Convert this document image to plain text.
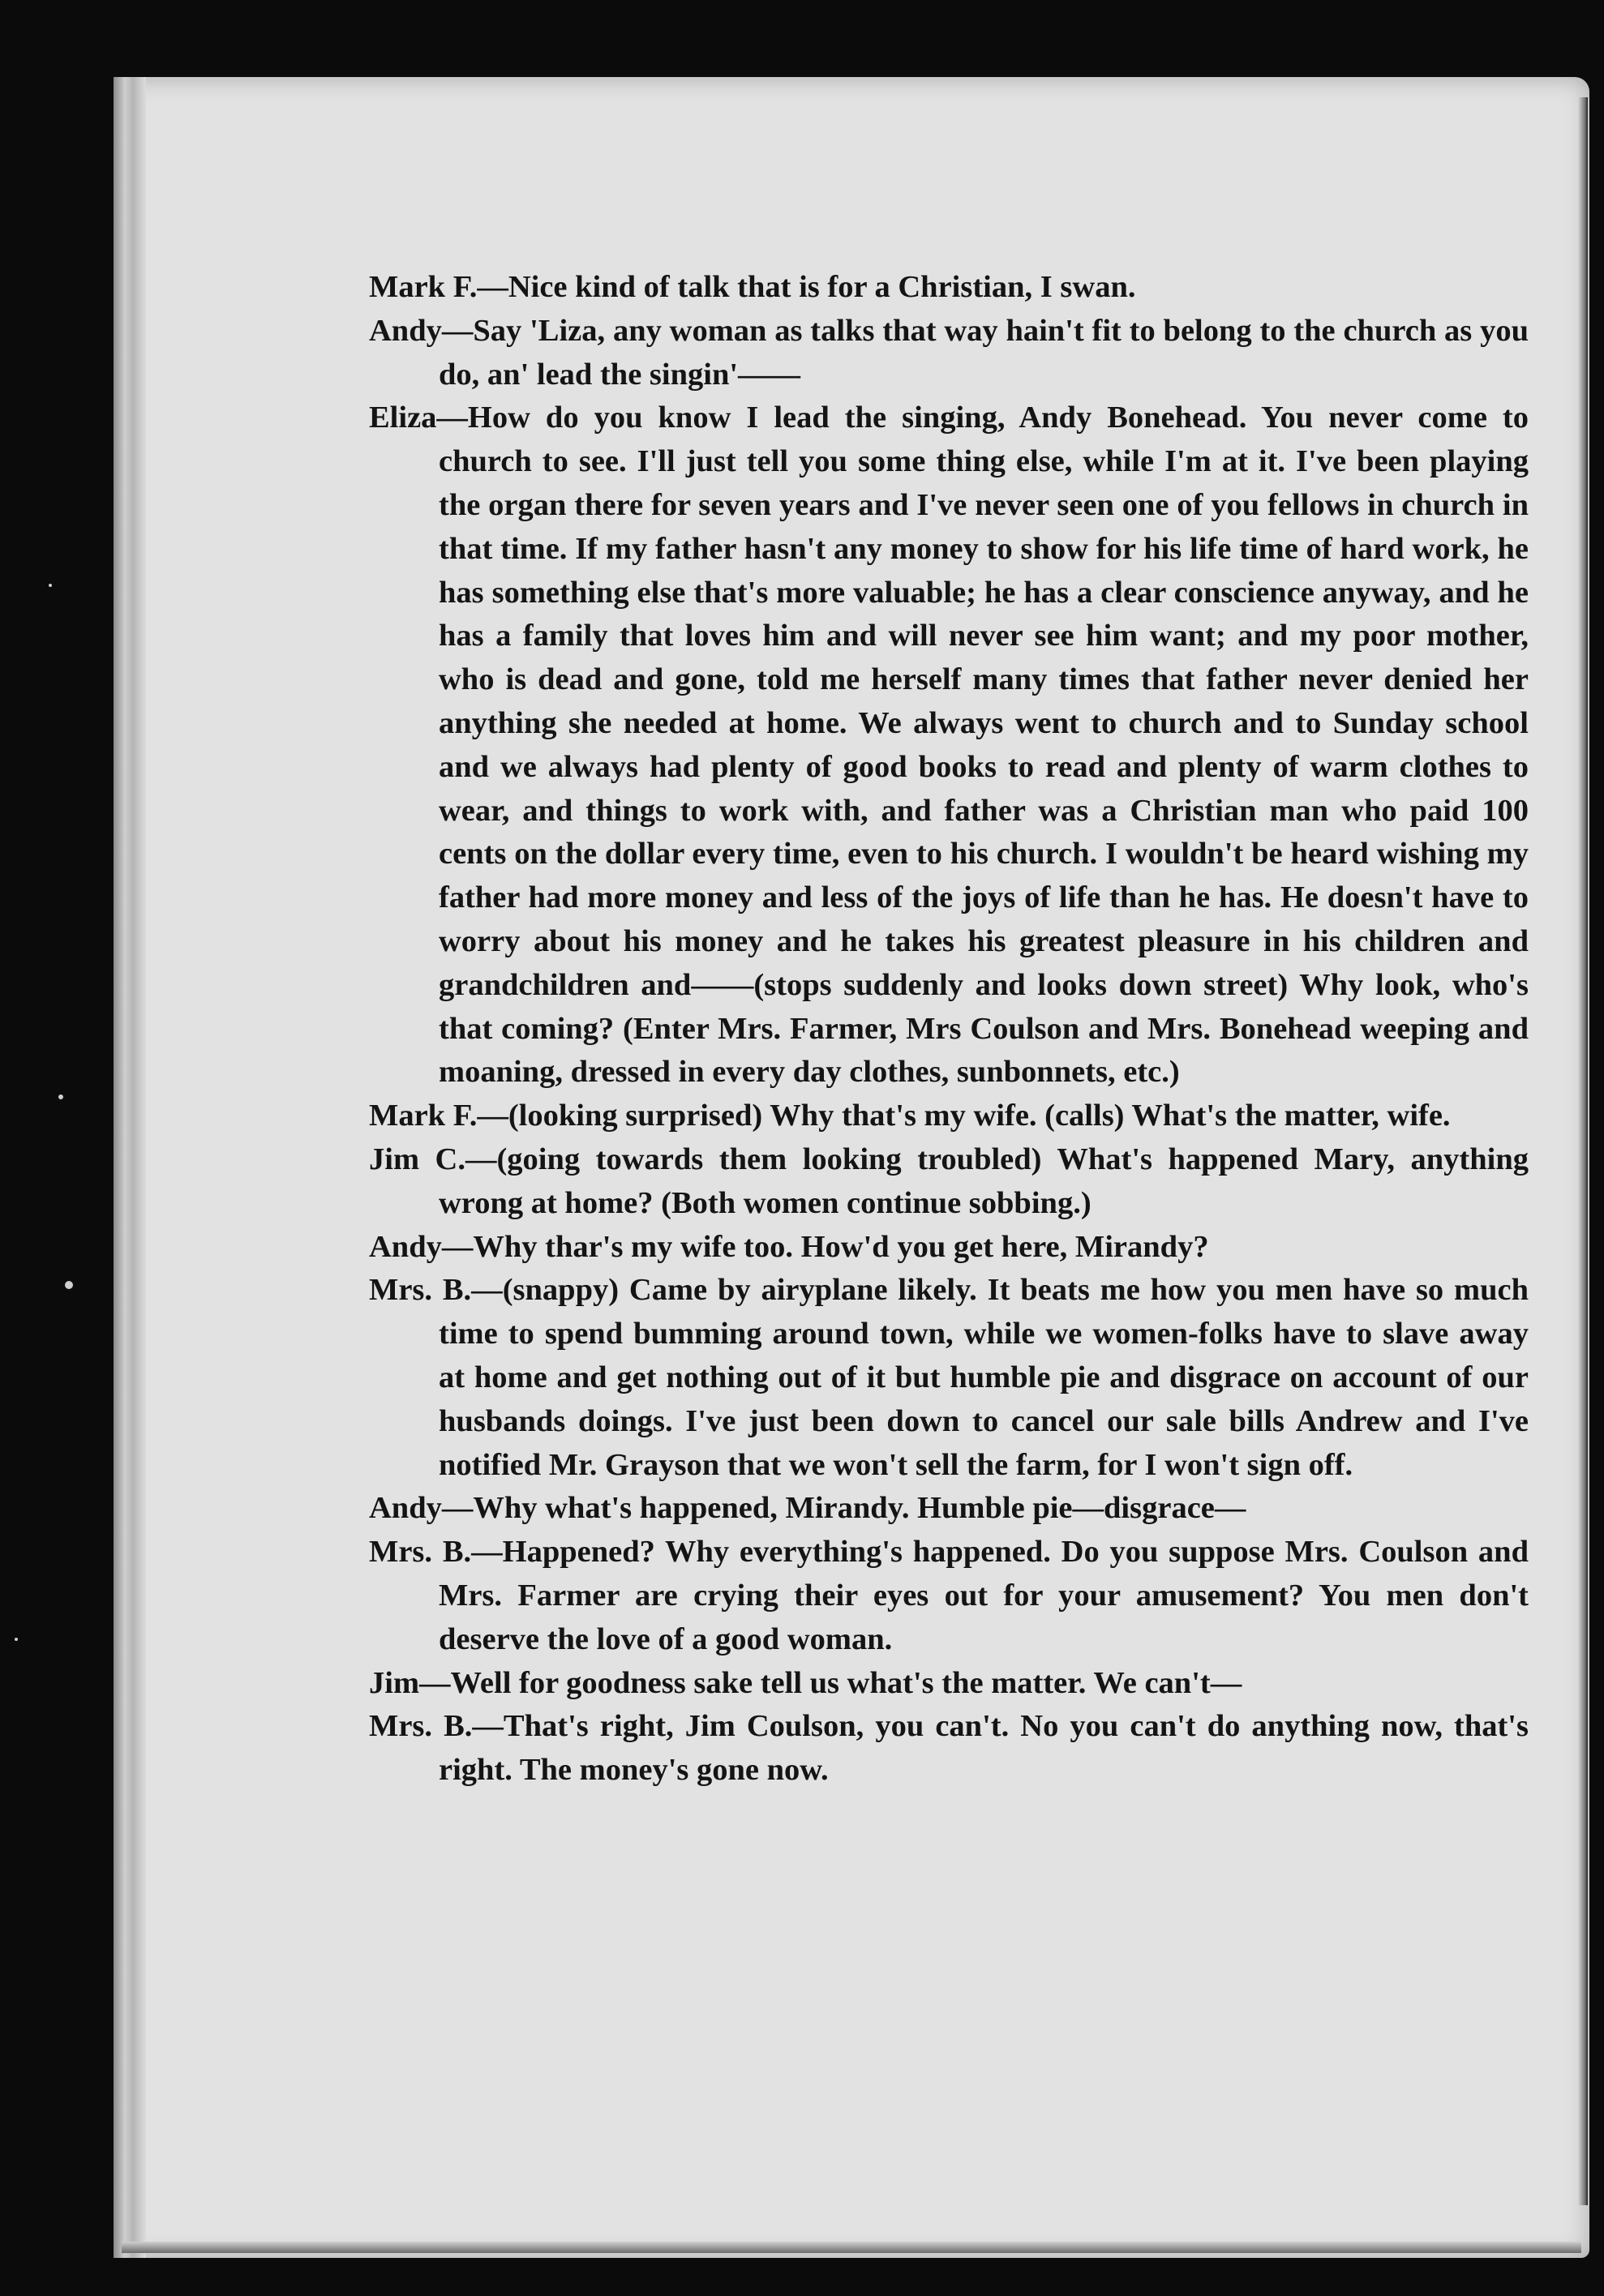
Mark F.—Nice kind of talk that is for a Christian, I swan.

Andy—Say 'Liza, any woman as talks that way hain't fit to belong to the church as you do, an' lead the singin'——

Eliza—How do you know I lead the singing, Andy Bonehead. You never come to church to see. I'll just tell you some thing else, while I'm at it. I've been playing the organ there for seven years and I've never seen one of you fellows in church in that time. If my father hasn't any money to show for his life time of hard work, he has something else that's more valuable; he has a clear conscience anyway, and he has a family that loves him and will never see him want; and my poor mother, who is dead and gone, told me herself many times that father never denied her anything she needed at home. We always went to church and to Sunday school and we always had plenty of good books to read and plenty of warm clothes to wear, and things to work with, and father was a Christian man who paid 100 cents on the dollar every time, even to his church. I wouldn't be heard wishing my father had more money and less of the joys of life than he has. He doesn't have to worry about his money and he takes his greatest pleasure in his children and grandchildren and——(stops suddenly and looks down street) Why look, who's that coming? (Enter Mrs. Farmer, Mrs Coulson and Mrs. Bonehead weeping and moaning, dressed in every day clothes, sunbonnets, etc.)

Mark F.—(looking surprised) Why that's my wife. (calls) What's the matter, wife.

Jim C.—(going towards them looking troubled) What's happened Mary, anything wrong at home? (Both women continue sobbing.)

Andy—Why thar's my wife too. How'd you get here, Mirandy?

Mrs. B.—(snappy) Came by airyplane likely. It beats me how you men have so much time to spend bumming around town, while we women-folks have to slave away at home and get nothing out of it but humble pie and disgrace on account of our husbands doings. I've just been down to cancel our sale bills Andrew and I've notified Mr. Grayson that we won't sell the farm, for I won't sign off.

Andy—Why what's happened, Mirandy. Humble pie—disgrace—

Mrs. B.—Happened? Why everything's happened. Do you suppose Mrs. Coulson and Mrs. Farmer are crying their eyes out for your amusement? You men don't deserve the love of a good woman.

Jim—Well for goodness sake tell us what's the matter. We can't—

Mrs. B.—That's right, Jim Coulson, you can't. No you can't do anything now, that's right. The money's gone now.
